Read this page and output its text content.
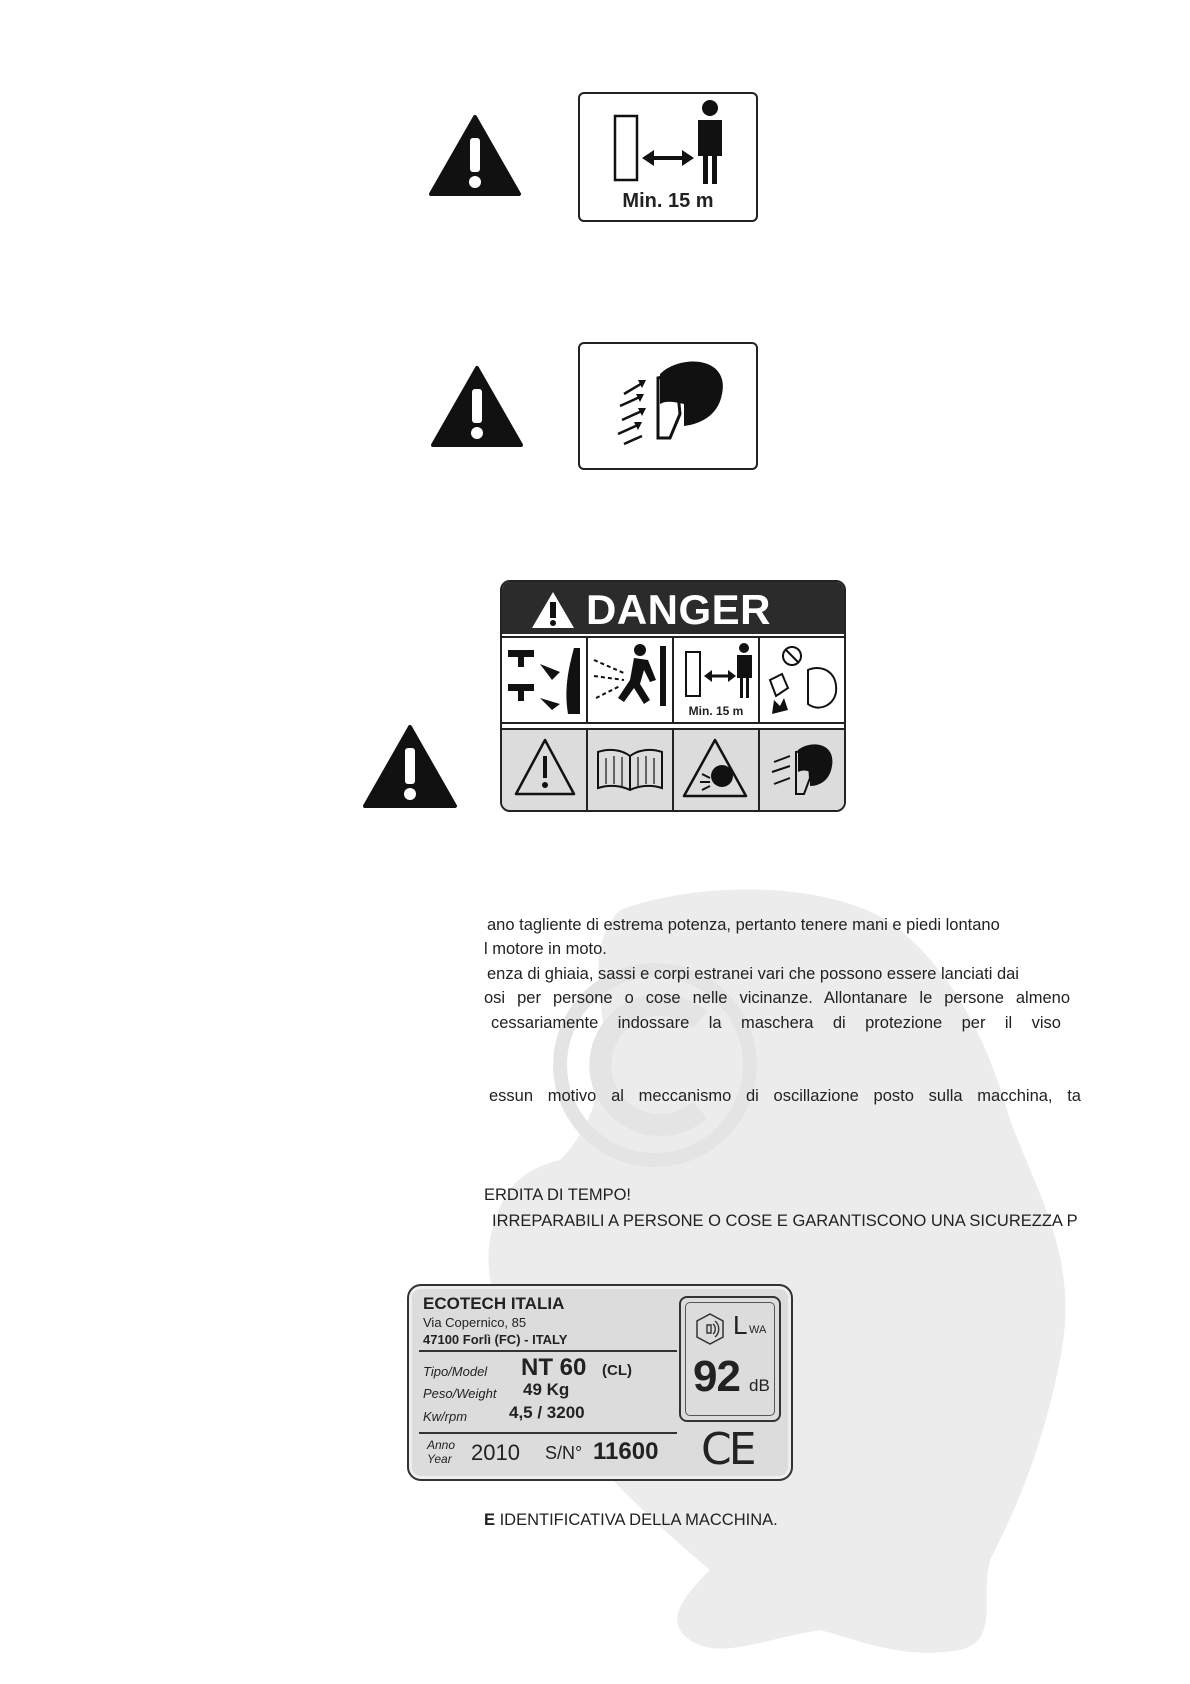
Min. 15 m
DANGER
Min. 15 m
ano tagliente di estrema potenza, pertanto tenere mani e piedi lontano
l motore in moto.
enza di ghiaia, sassi e corpi estranei vari che possono essere lanciati dai
osi per persone o cose nelle vicinanze. Allontanare le persone almeno
cessariamente indossare la maschera di protezione per il viso
essun motivo al meccanismo di oscillazione posto sulla macchina, ta
ERDITA DI TEMPO!
IRREPARABILI A PERSONE O COSE E GARANTISCONO UNA SICUREZZA P
ECOTECH ITALIA
Via Copernico, 85
47100 Forlì (FC) - ITALY
Tipo/Model NT 60 (CL)
Peso/Weight 49 Kg
Kw/rpm 4,5 / 3200
Anno
Year 2010 S/N° 11600
L WA
92 dB
CE
E IDENTIFICATIVA DELLA MACCHINA.
